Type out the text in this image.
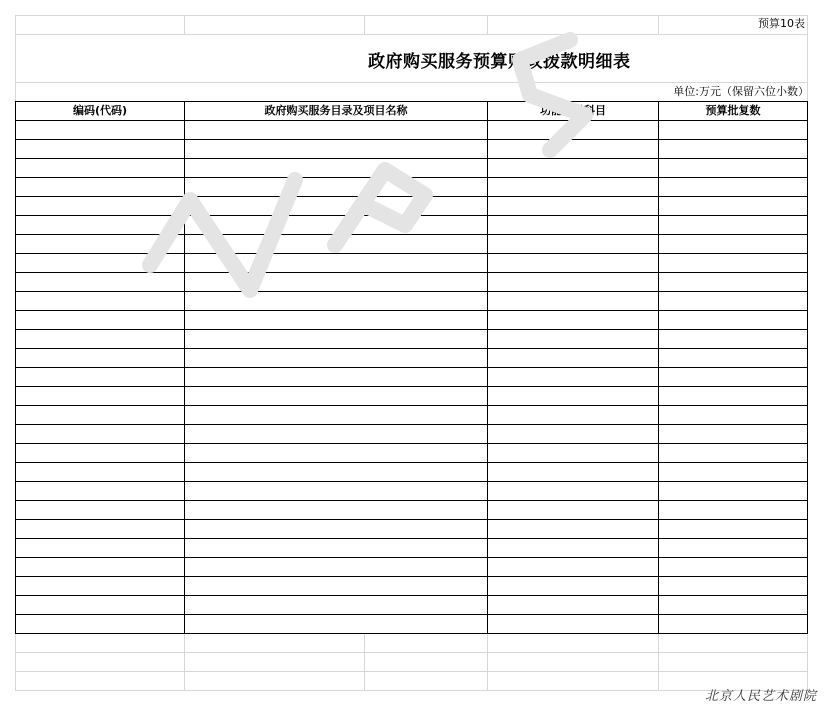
预算10表
政府购买服务预算财政拨款明细表
单位:万元（保留六位小数）
编码(代码)	政府购买服务目录及项目名称	功能分类科目	预算批复数

WPS
北京人民艺术剧院
